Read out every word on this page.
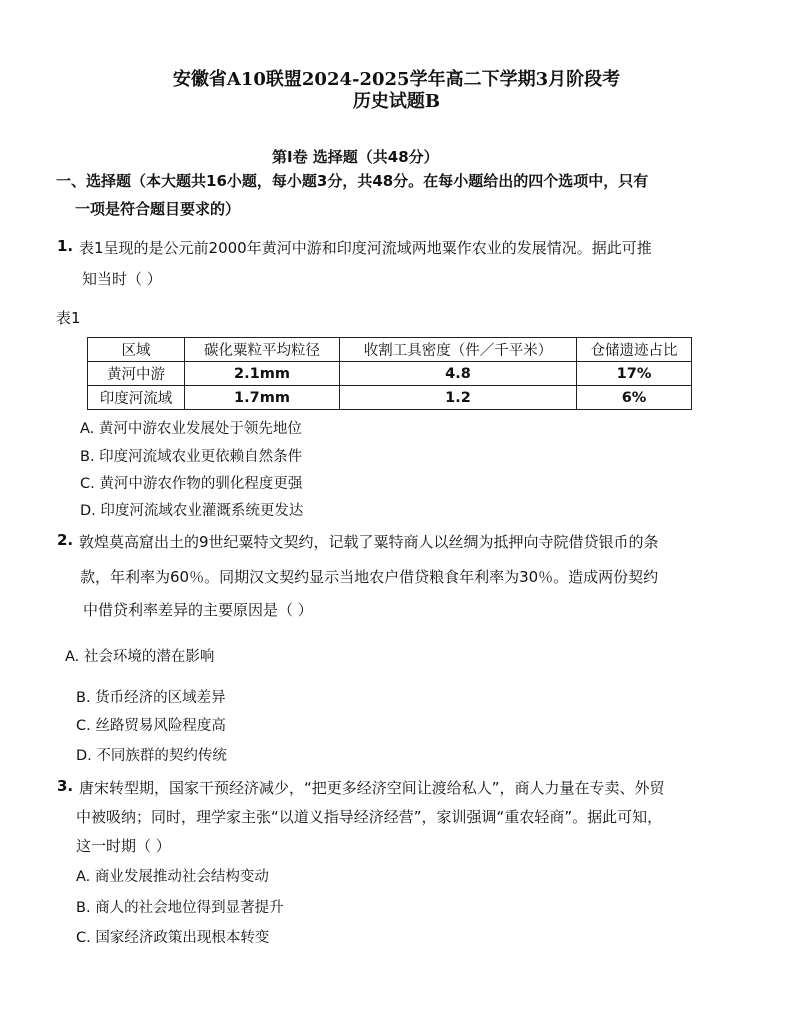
安徽省A10联盟2024-2025学年高二下学期3月阶段考
历史试题B
第I卷 选择题（共48分）
一、选择题（本大题共16小题，每小题3分，共48分。在每小题给出的四个选项中，只有
一项是符合题目要求的）
1. 表1呈现的是公元前2000年黄河中游和印度河流域两地粟作农业的发展情况。据此可推
知当时（ ）
表1
区域	碳化粟粒平均粒径	收割工具密度（件／千平米）	仓储遗迹占比
黄河中游	2.1mm	4.8	17%
印度河流域	1.7mm	1.2	6%
A. 黄河中游农业发展处于领先地位
B. 印度河流域农业更依赖自然条件
C. 黄河中游农作物的驯化程度更强
D. 印度河流域农业灌溉系统更发达
2. 敦煌莫高窟出土的9世纪粟特文契约，记载了粟特商人以丝绸为抵押向寺院借贷银币的条
款，年利率为60％。同期汉文契约显示当地农户借贷粮食年利率为30％。造成两份契约
中借贷利率差异的主要原因是（ ）
A. 社会环境的潜在影响
B. 货币经济的区域差异
C. 丝路贸易风险程度高
D. 不同族群的契约传统
3. 唐宋转型期，国家干预经济减少，“把更多经济空间让渡给私人”，商人力量在专卖、外贸
中被吸纳；同时，理学家主张“以道义指导经济经营”，家训强调“重农轻商”。据此可知，
这一时期（ ）
A. 商业发展推动社会结构变动
B. 商人的社会地位得到显著提升
C. 国家经济政策出现根本转变
